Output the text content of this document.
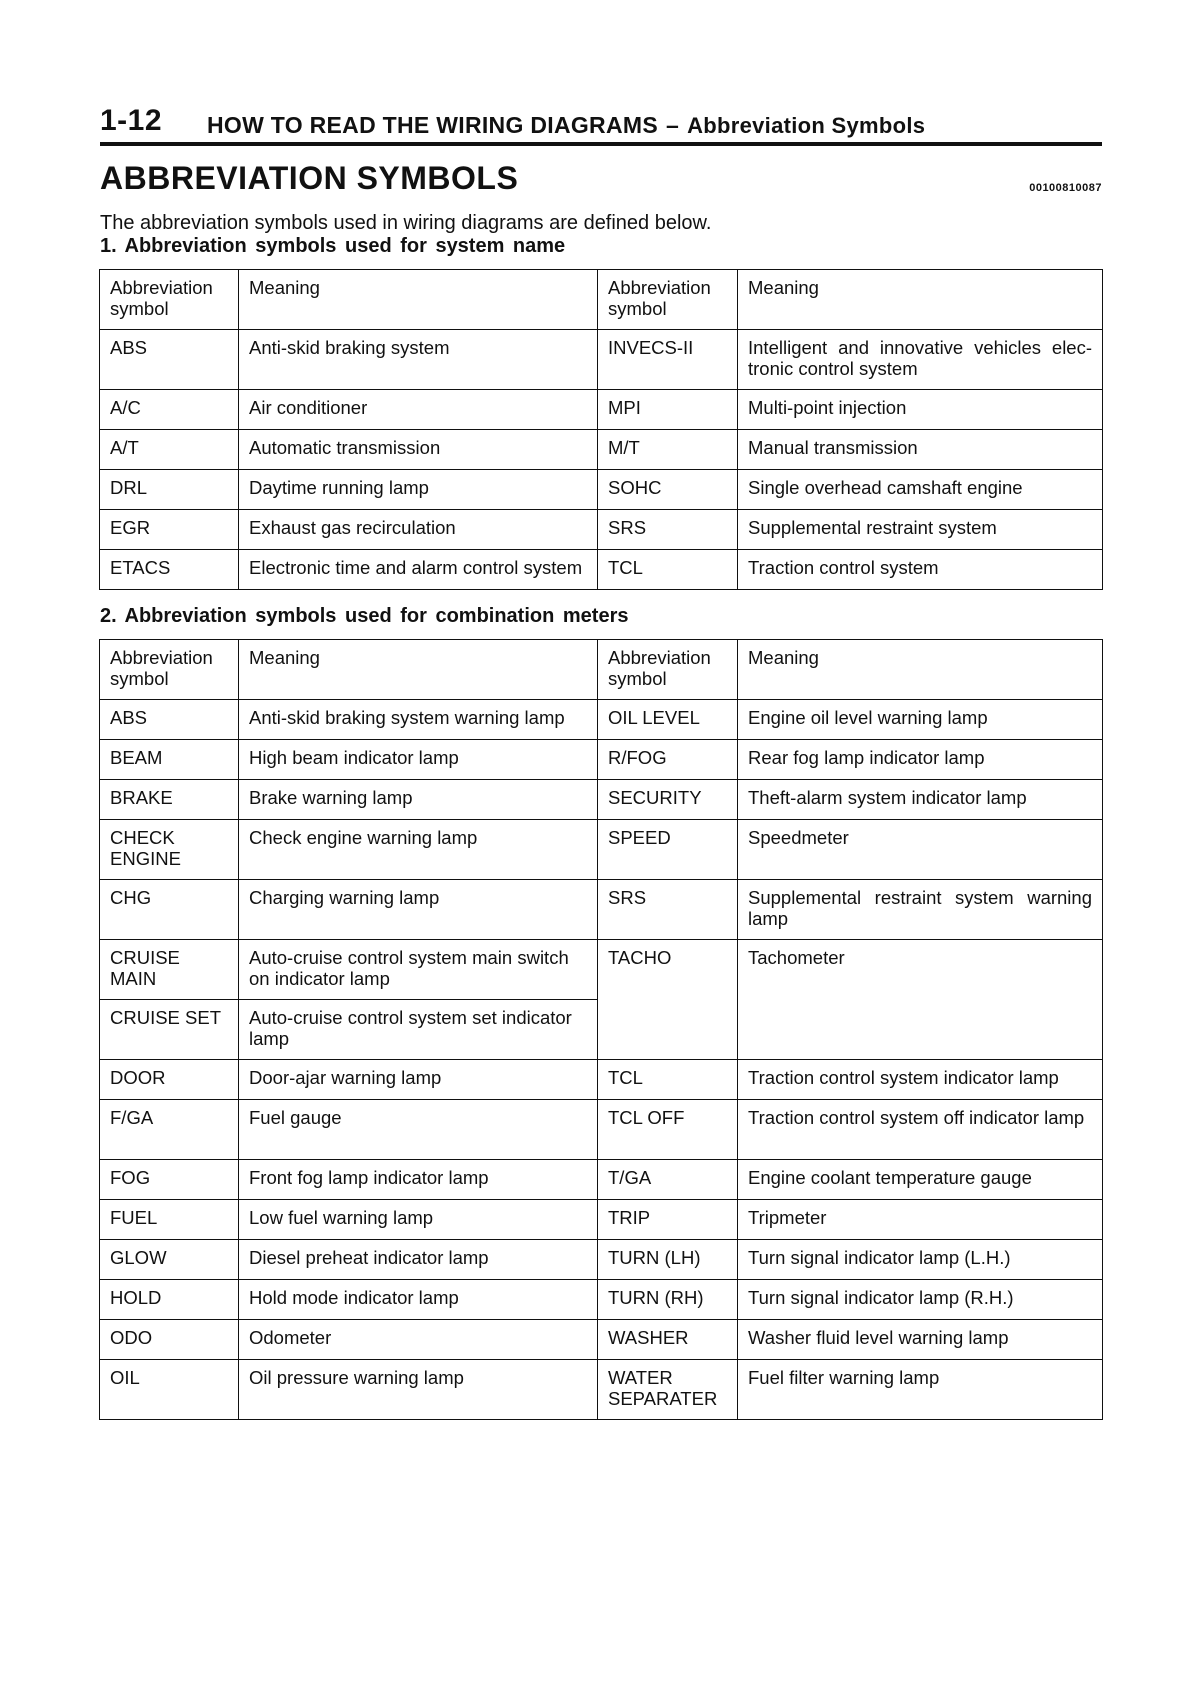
1-12 HOW TO READ THE WIRING DIAGRAMS – Abbreviation Symbols
ABBREVIATION SYMBOLS	00100810087
The abbreviation symbols used in wiring diagrams are defined below.
1. Abbreviation symbols used for system name
Abbreviation symbol	Meaning	Abbreviation symbol	Meaning
ABS	Anti-skid braking system	INVECS-II	Intelligent and innovative vehicles elec-tronic control system
A/C	Air conditioner	MPI	Multi-point injection
A/T	Automatic transmission	M/T	Manual transmission
DRL	Daytime running lamp	SOHC	Single overhead camshaft engine
EGR	Exhaust gas recirculation	SRS	Supplemental restraint system
ETACS	Electronic time and alarm control system	TCL	Traction control system
2. Abbreviation symbols used for combination meters
Abbreviation symbol	Meaning	Abbreviation symbol	Meaning
ABS	Anti-skid braking system warning lamp	OIL LEVEL	Engine oil level warning lamp
BEAM	High beam indicator lamp	R/FOG	Rear fog lamp indicator lamp
BRAKE	Brake warning lamp	SECURITY	Theft-alarm system indicator lamp
CHECK ENGINE	Check engine warning lamp	SPEED	Speedmeter
CHG	Charging warning lamp	SRS	Supplemental restraint system warning lamp
CRUISE MAIN	Auto-cruise control system main switch on indicator lamp	TACHO	Tachometer
CRUISE SET	Auto-cruise control system set indicator lamp		
DOOR	Door-ajar warning lamp	TCL	Traction control system indicator lamp
F/GA	Fuel gauge	TCL OFF	Traction control system off indicator lamp
FOG	Front fog lamp indicator lamp	T/GA	Engine coolant temperature gauge
FUEL	Low fuel warning lamp	TRIP	Tripmeter
GLOW	Diesel preheat indicator lamp	TURN (LH)	Turn signal indicator lamp (L.H.)
HOLD	Hold mode indicator lamp	TURN (RH)	Turn signal indicator lamp (R.H.)
ODO	Odometer	WASHER	Washer fluid level warning lamp
OIL	Oil pressure warning lamp	WATER SEPARATER	Fuel filter warning lamp
